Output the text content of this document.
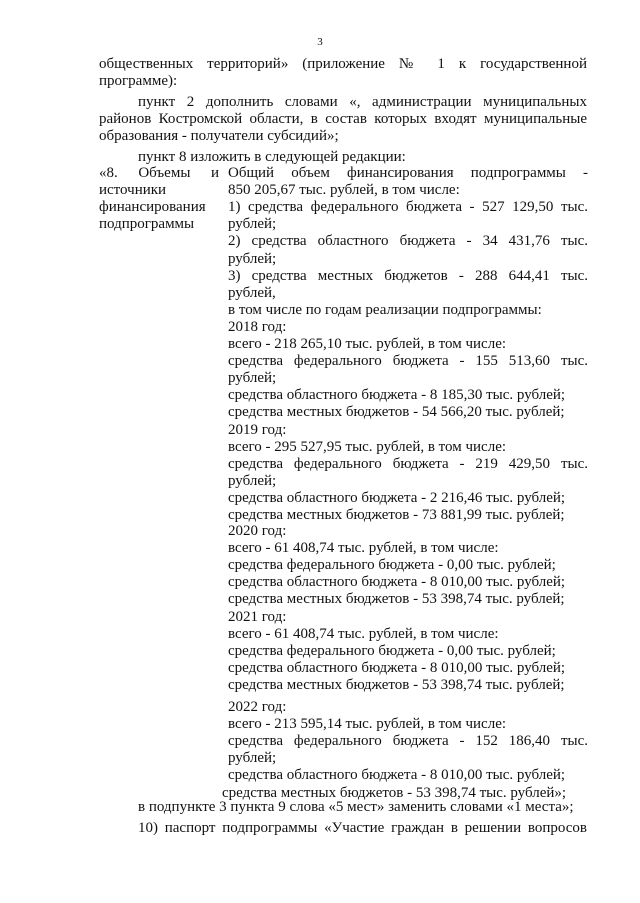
3
общественных территорий» (приложение № 1 к государственной
программе):
пункт 2 дополнить словами «, администрации муниципальных
районов Костромской области, в состав которых входят муниципальные
образования - получатели субсидий»;
пункт 8 изложить в следующей редакции:
«8. Объемы и
источники
финансирования
подпрограммы
Общий объем финансирования подпрограммы -
850 205,67 тыс. рублей, в том числе:
1) средства федерального бюджета - 527 129,50 тыс.
рублей;
2) средства областного бюджета - 34 431,76 тыс.
рублей;
3) средства местных бюджетов - 288 644,41 тыс.
рублей,
в том числе по годам реализации подпрограммы:
2018 год:
всего - 218 265,10 тыс. рублей, в том числе:
средства федерального бюджета - 155 513,60 тыс.
рублей;
средства областного бюджета - 8 185,30 тыс. рублей;
средства местных бюджетов - 54 566,20 тыс. рублей;
2019 год:
всего - 295 527,95 тыс. рублей, в том числе:
средства федерального бюджета - 219 429,50 тыс.
рублей;
средства областного бюджета - 2 216,46 тыс. рублей;
средства местных бюджетов - 73 881,99 тыс. рублей;
2020 год:
всего - 61 408,74 тыс. рублей, в том числе:
средства федерального бюджета - 0,00 тыс. рублей;
средства областного бюджета - 8 010,00 тыс. рублей;
средства местных бюджетов - 53 398,74 тыс. рублей;
2021 год:
всего - 61 408,74 тыс. рублей, в том числе:
средства федерального бюджета - 0,00 тыс. рублей;
средства областного бюджета - 8 010,00 тыс. рублей;
средства местных бюджетов - 53 398,74 тыс. рублей;
2022 год:
всего - 213 595,14 тыс. рублей, в том числе:
средства федерального бюджета - 152 186,40 тыс.
рублей;
средства областного бюджета - 8 010,00 тыс. рублей;
средства местных бюджетов - 53 398,74 тыс. рублей»;
в подпункте 3 пункта 9 слова «5 мест» заменить словами «1 места»;
10) паспорт подпрограммы «Участие граждан в решении вопросов
